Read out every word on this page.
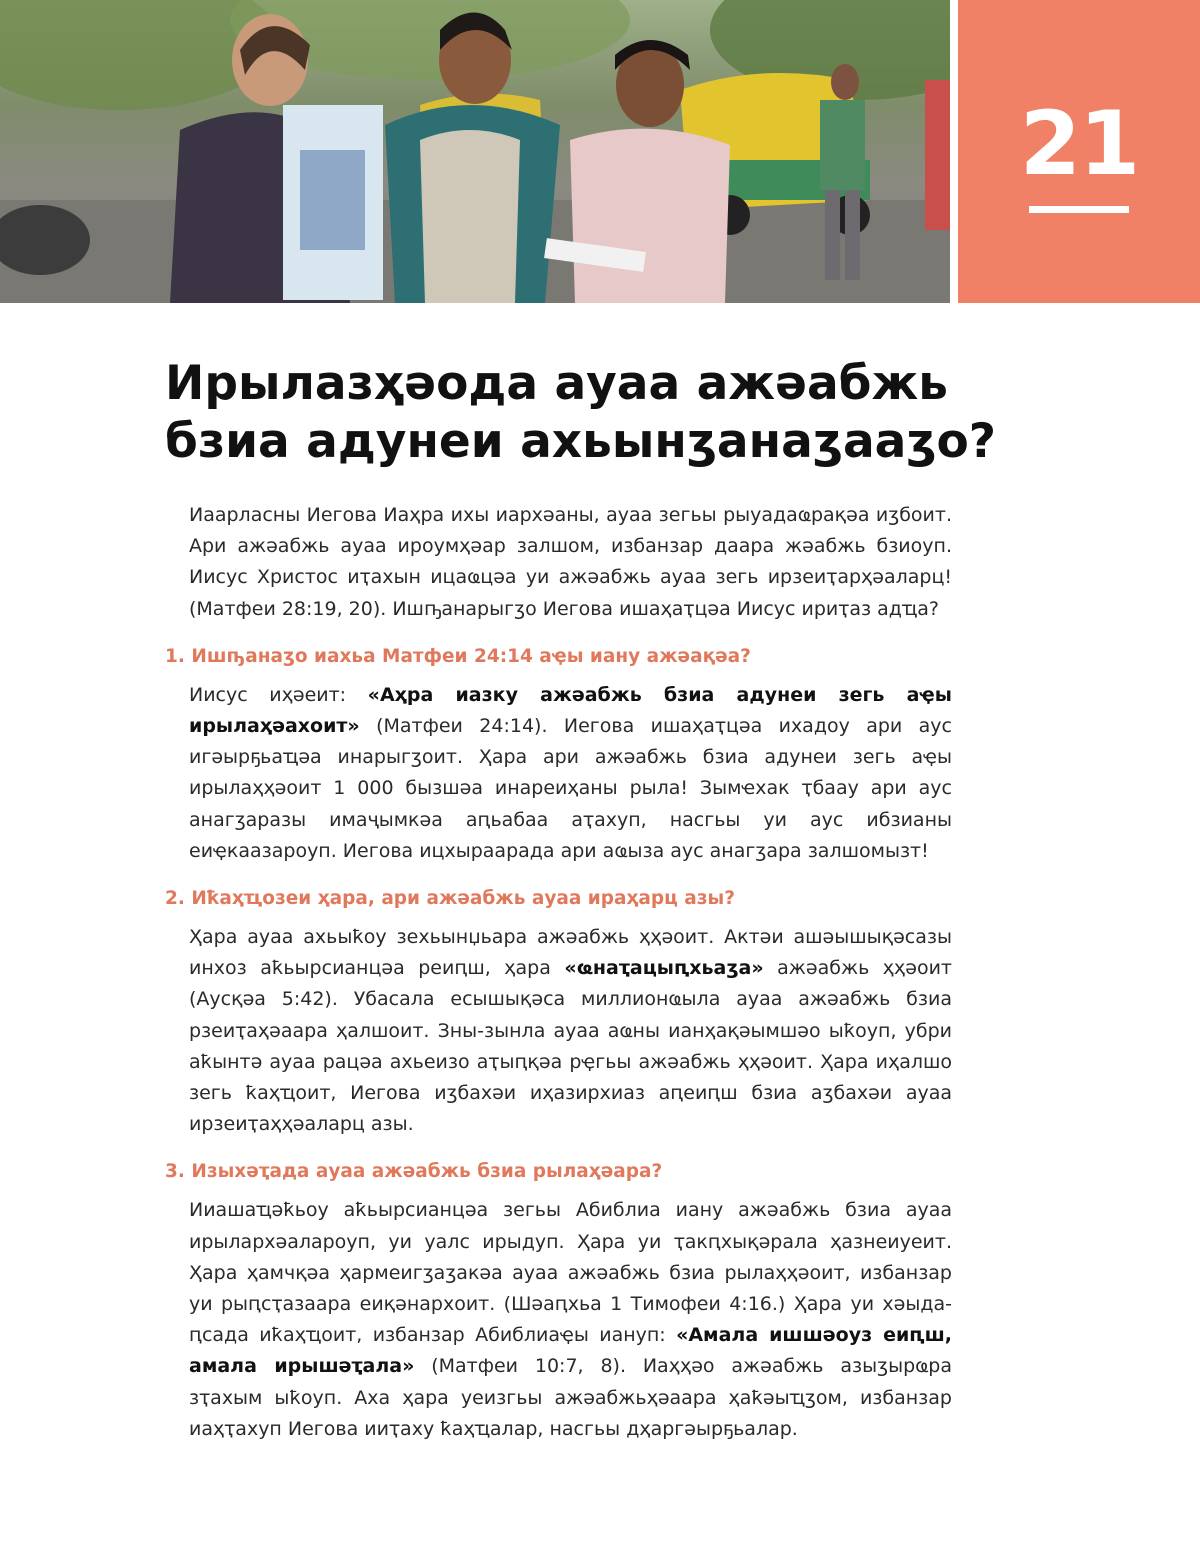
21
Ирылазҳәода ауаа ажәабжь бзиа адунеи ахьынӡанаӡааӡо?

Иаарласны Иегова Иаҳра ихы иархәаны, ауаа зегьы рыуадаҩрақәа иӡбоит. Ари ажәабжь ауаа ироумҳәар залшом, избанзар даара жәабжь бзиоуп. Иисус Христос иҭахын ицаҩцәа уи ажәабжь ауаа зегь ирзеиҭарҳәаларц! (Матфеи 28:19, 20). Ишҧанарыгӡо Иегова ишаҳаҭцәа Иисус ириҭаз адҵа?

1. Ишҧанаӡо иахьа Матфеи 24:14 аҿы иану ажәақәа?

Иисус иҳәеит: «Аҳра иазку ажәабжь бзиа адунеи зегь аҿы ирылаҳәахоит» (Матфеи 24:14). Иегова ишаҳаҭцәа ихадоу ари аус игәырҕьаҵәа инарыгӡоит. Ҳара ари ажәабжь бзиа адунеи зегь аҿы ирылаҳҳәоит 1 000 бызшәа инареиҳаны рыла! Зымҽхак ҭбаау ари аус анагӡаразы имаҷымкәа аԥьабаа аҭахуп, насгьы уи аус ибзианы еиҿкаазароуп. Иегова ицхыраарада ари аҩыза аус анагӡара залшомызт!

2. Иҟаҳҵозеи ҳара, ари ажәабжь ауаа ираҳарц азы?

Ҳара ауаа ахьыҟоу зехьынџьара ажәабжь ҳҳәоит. Актәи ашәышықәсазы инхоз аҟьырсианцәа реиԥш, ҳара «ҩнаҭацыԥхьаӡа» ажәабжь ҳҳәоит (Аусқәа 5:42). Убасала есышықәса миллионҩыла ауаа ажәабжь бзиа рзеиҭаҳәаара ҳалшоит. Зны-зынла ауаа аҩны ианҳақәымшәо ыҟоуп, убри аҟынтә ауаа рацәа ахьеизо аҭыԥқәа рҿгьы ажәабжь ҳҳәоит. Ҳара иҳалшо зегь ҟаҳҵоит, Иегова иӡбахәи иҳазирхиаз аԥеиԥш бзиа аӡбахәи ауаа ирзеиҭаҳҳәаларц азы.

3. Изыхәҭада ауаа ажәабжь бзиа рылаҳәара?

Ииашаҵәҟьоу аҟьырсианцәа зегьы Абиблиа иану ажәабжь бзиа ауаа ирылархәаларoуп, уи уалс ирыдуп. Ҳара уи ҭакԥхықәрала ҳазнеиуеит. Ҳара ҳамчқәа ҳармеигӡаӡакәа ауаа ажәабжь бзиа рылаҳҳәоит, избанзар уи рыԥсҭазаара еиқәнархоит. (Шәаԥхьа 1 Тимофеи 4:16.) Ҳара уи хәыда-ԥсада иҟаҳҵоит, избанзар Абиблиаҿы ианyп: «Амала ишшәоуз еиԥш, амала ирышәҭала» (Матфеи 10:7, 8). Иаҳҳәо ажәабжь азыӡырҩра зҭахым ыҟоуп. Аха ҳара уеизгьы ажәабжьҳәаара ҳаҟәыҵӡом, избанзар иаҳҭахуп Иегова ииҭаху ҟаҳҵалар, насгьы дҳаргәырҕьалар.
